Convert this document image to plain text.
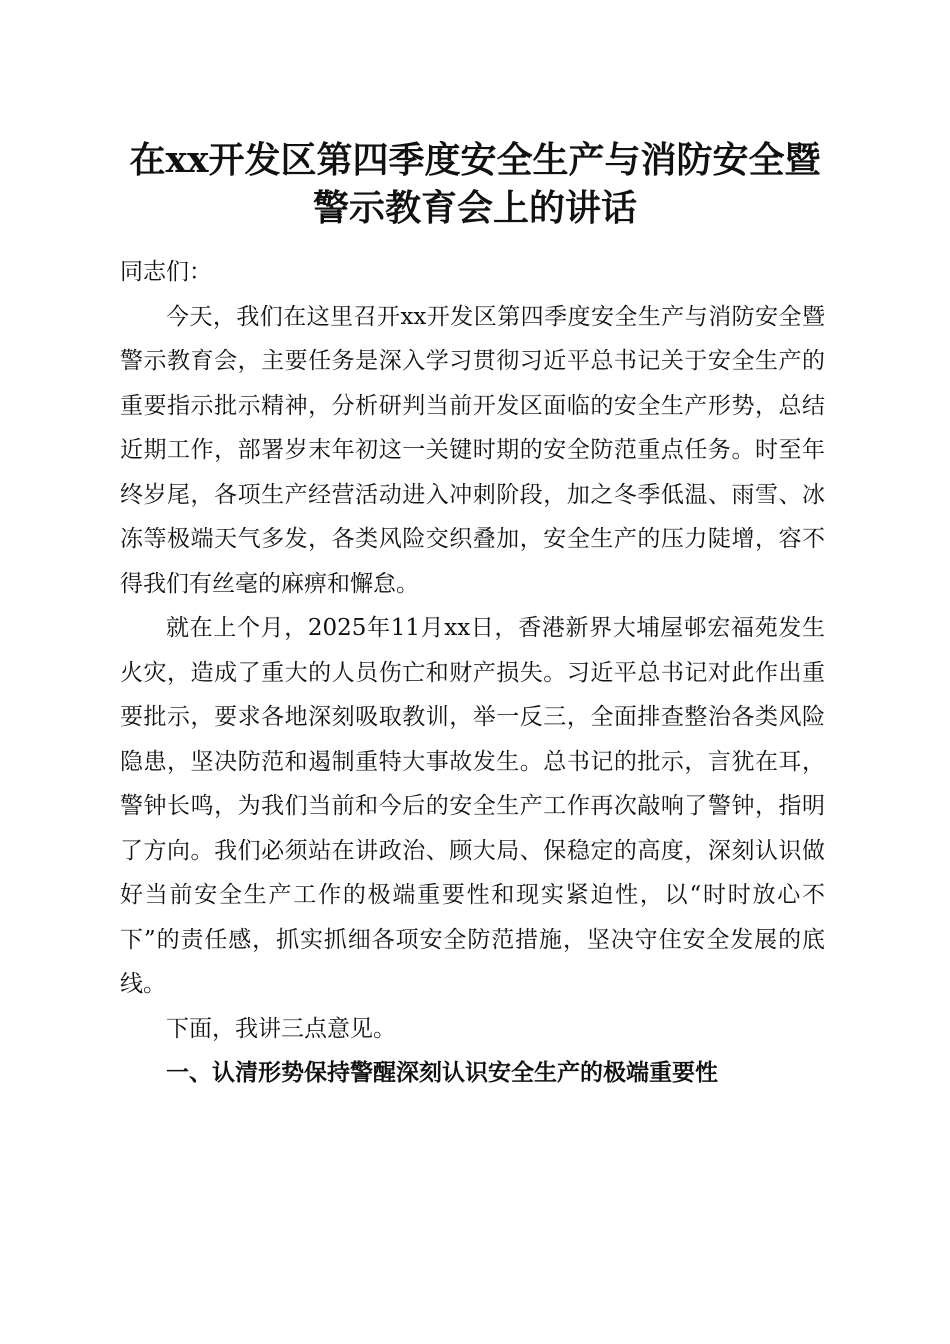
在xx开发区第四季度安全生产与消防安全暨
警示教育会上的讲话

同志们：

今天，我们在这里召开xx开发区第四季度安全生产与消防安全暨警示教育会，主要任务是深入学习贯彻习近平总书记关于安全生产的重要指示批示精神，分析研判当前开发区面临的安全生产形势，总结近期工作，部署岁末年初这一关键时期的安全防范重点任务。时至年终岁尾，各项生产经营活动进入冲刺阶段，加之冬季低温、雨雪、冰冻等极端天气多发，各类风险交织叠加，安全生产的压力陡增，容不得我们有丝毫的麻痹和懈怠。

就在上个月，2025年11月xx日，香港新界大埔屋邨宏福苑发生火灾，造成了重大的人员伤亡和财产损失。习近平总书记对此作出重要批示，要求各地深刻吸取教训，举一反三，全面排查整治各类风险隐患，坚决防范和遏制重特大事故发生。总书记的批示，言犹在耳，警钟长鸣，为我们当前和今后的安全生产工作再次敲响了警钟，指明了方向。我们必须站在讲政治、顾大局、保稳定的高度，深刻认识做好当前安全生产工作的极端重要性和现实紧迫性，以“时时放心不下”的责任感，抓实抓细各项安全防范措施，坚决守住安全发展的底线。

下面，我讲三点意见。

一、认清形势保持警醒深刻认识安全生产的极端重要性
